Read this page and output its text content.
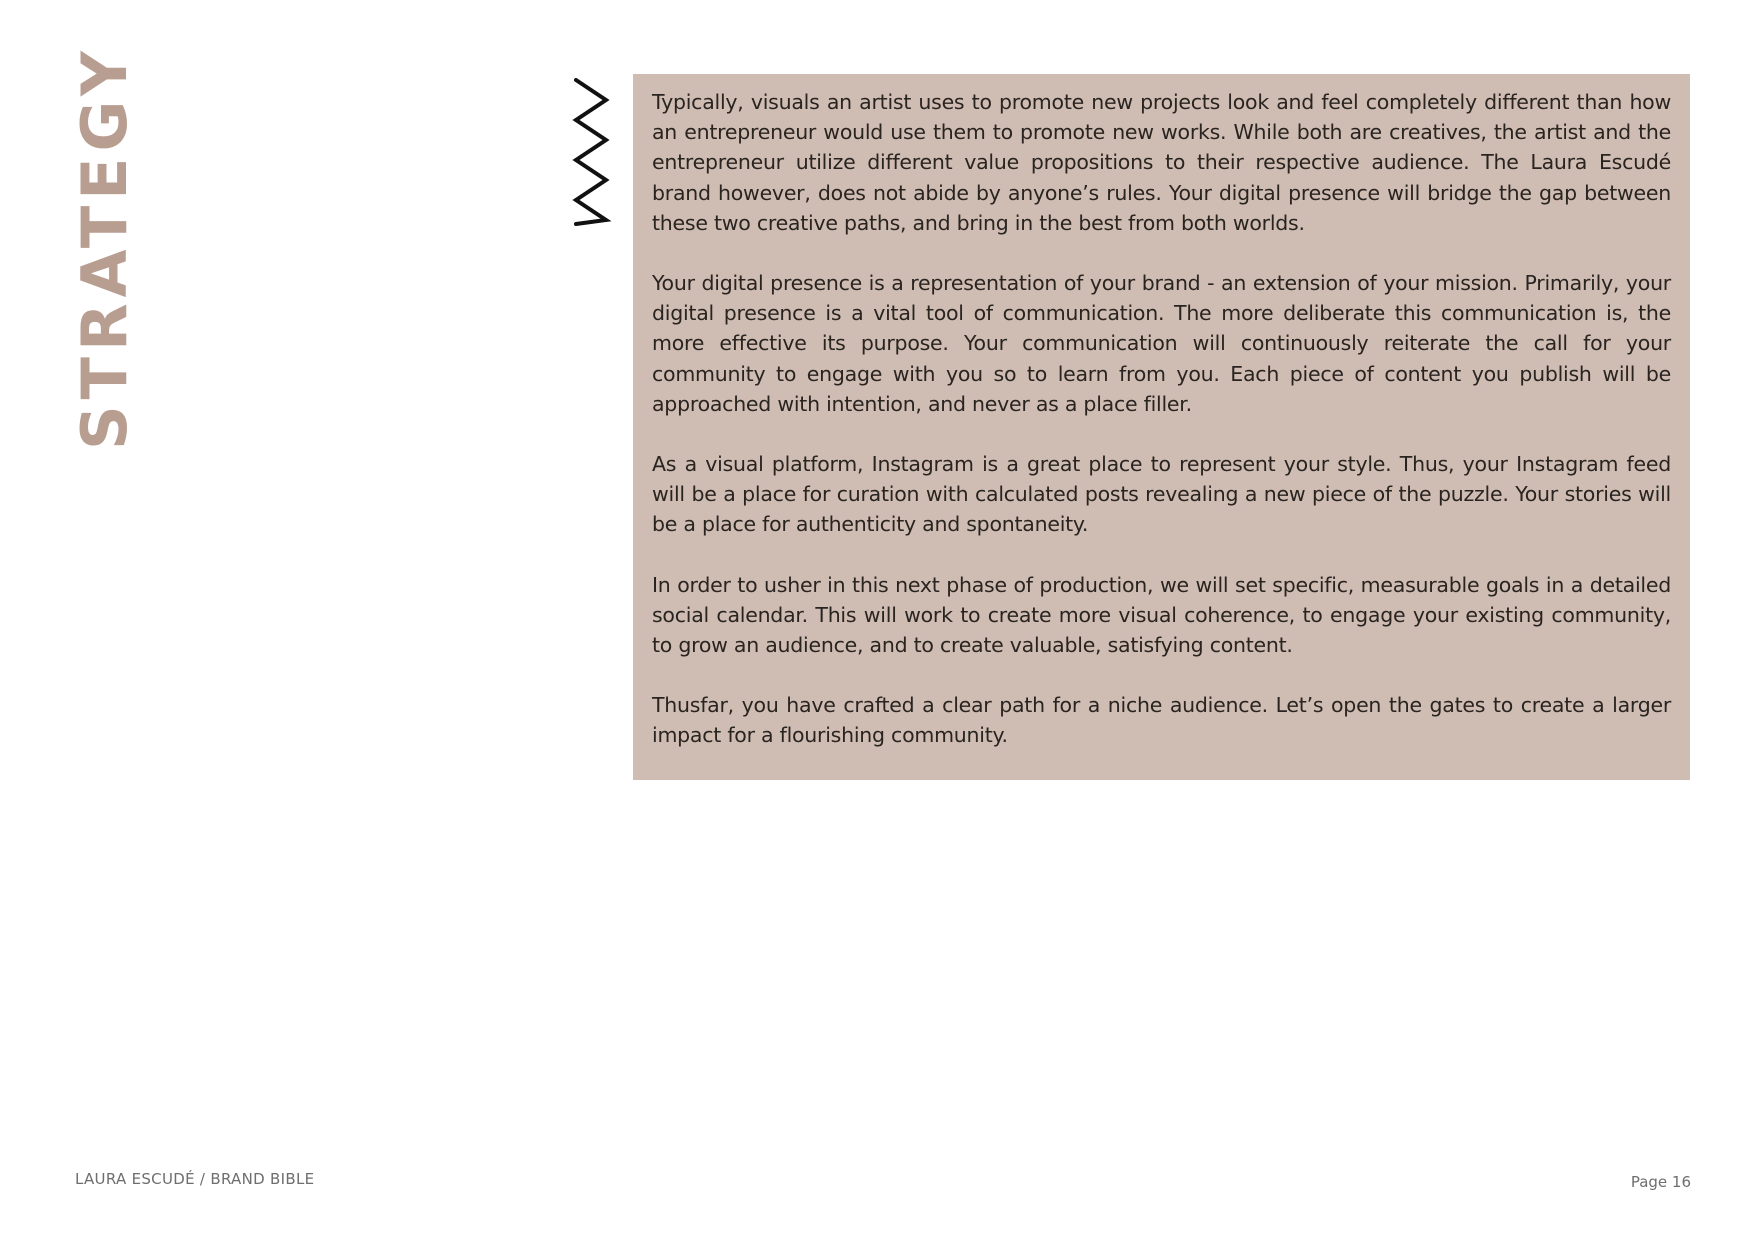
STRATEGY	Typically, visuals an artist uses to promote new projects look and feel completely different than how an entrepreneur would use them to promote new works. While both are creatives, the artist and the entrepreneur utilize different value propositions to their respective audience. The Laura Escudé brand however, does not abide by anyone’s rules. Your digital presence will bridge the gap between these two creative paths, and bring in the best from both worlds.

Your digital presence is a representation of your brand - an extension of your mission. Primarily, your digital presence is a vital tool of communication. The more deliberate this communication is, the more effective its purpose. Your communication will continuously reiterate the call for your community to engage with you so to learn from you. Each piece of content you publish will be approached with intention, and never as a place filler.

As a visual platform, Instagram is a great place to represent your style. Thus, your Instagram feed will be a place for curation with calculated posts revealing a new piece of the puzzle. Your stories will be a place for authenticity and spontaneity.

In order to usher in this next phase of production, we will set specific, measurable goals in a detailed social calendar. This will work to create more visual coherence, to engage your existing community, to grow an audience, and to create valuable, satisfying content.

Thusfar, you have crafted a clear path for a niche audience. Let’s open the gates to create a larger impact for a flourishing community.

LAURA ESCUDÉ / BRAND BIBLE	Page 16
